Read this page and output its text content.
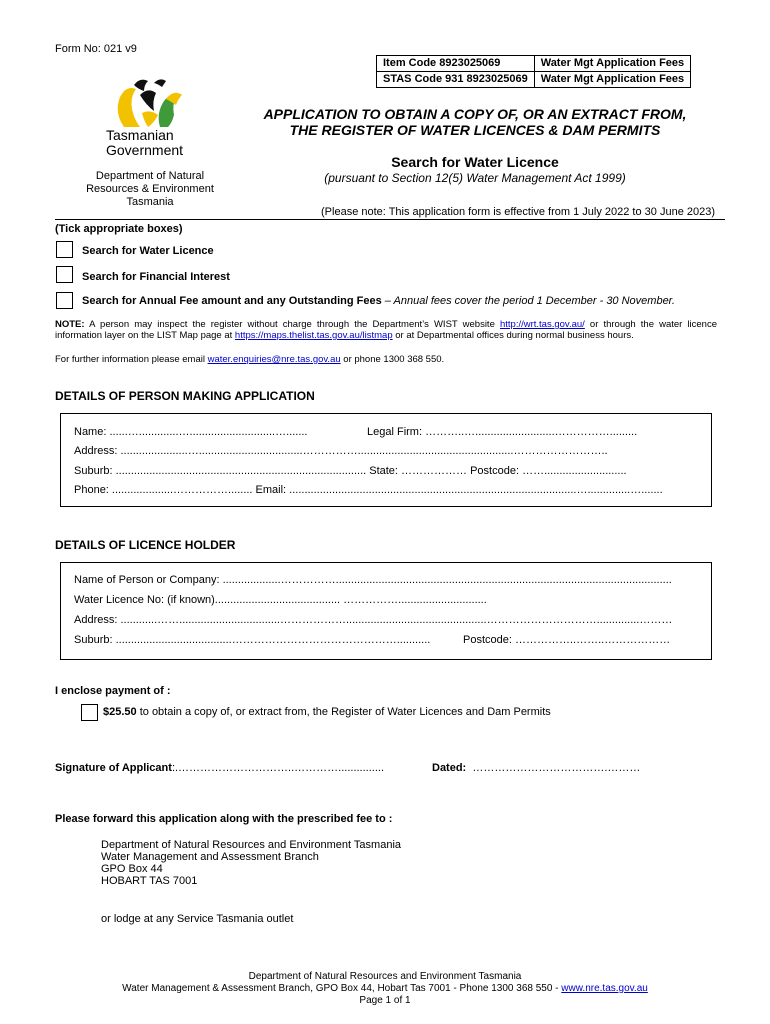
Form No: 021 v9
Item Code 8923025069	Water Mgt Application Fees
STAS Code 931 8923025069	Water Mgt Application Fees
Tasmanian
Government
Department of Natural
Resources & Environment
Tasmania
APPLICATION TO OBTAIN A COPY OF, OR AN EXTRACT FROM,
THE REGISTER OF WATER LICENCES & DAM PERMITS
Search for Water Licence
(pursuant to Section 12(5) Water Management Act 1999)
(Please note: This application form is effective from 1 July 2022 to 30 June 2023)
(Tick appropriate boxes)
Search for Water Licence
Search for Financial Interest
Search for Annual Fee amount and any Outstanding Fees – Annual fees cover the period 1 December - 30 November.
NOTE: A person may inspect the register without charge through the Department’s WIST website http://wrt.tas.gov.au/ or through the water licence information layer on the LIST Map page at https://maps.thelist.tas.gov.au/listmap or at Departmental offices during normal business hours.
For further information please email water.enquiries@nre.tas.gov.au or phone 1300 368 550.
DETAILS OF PERSON MAKING APPLICATION
Name: ......….............…............................….......	Legal Firm: ………..…..........................…………….........
Address: ......................…..................................……………...................................................……………………..
Suburb: .................................................................................. State: ……………… Postcode: ……...........................
Phone: ....................……………........ Email: ..............................................................................................…..............….......
DETAILS OF LICENCE HOLDER
Name of Person or Company: ...................……………..............................................................................................................
Water Licence No: (if known)......................................... …………….............................
Address: ............…….................................………………..............................................…………………………..............………
Suburb: ......................................………………………………………...........	Postcode: ……………..……..………………
I enclose payment of :
$25.50 to obtain a copy of, or extract from, the Register of Water Licences and Dam Permits
Signature of Applicant:.…………………………..…………...............	Dated: ……………………………….………
Please forward this application along with the prescribed fee to :
Department of Natural Resources and Environment Tasmania
Water Management and Assessment Branch
GPO Box 44
HOBART TAS 7001
or lodge at any Service Tasmania outlet
Department of Natural Resources and Environment Tasmania
Water Management & Assessment Branch, GPO Box 44, Hobart Tas 7001 - Phone 1300 368 550 - www.nre.tas.gov.au
Page 1 of 1
